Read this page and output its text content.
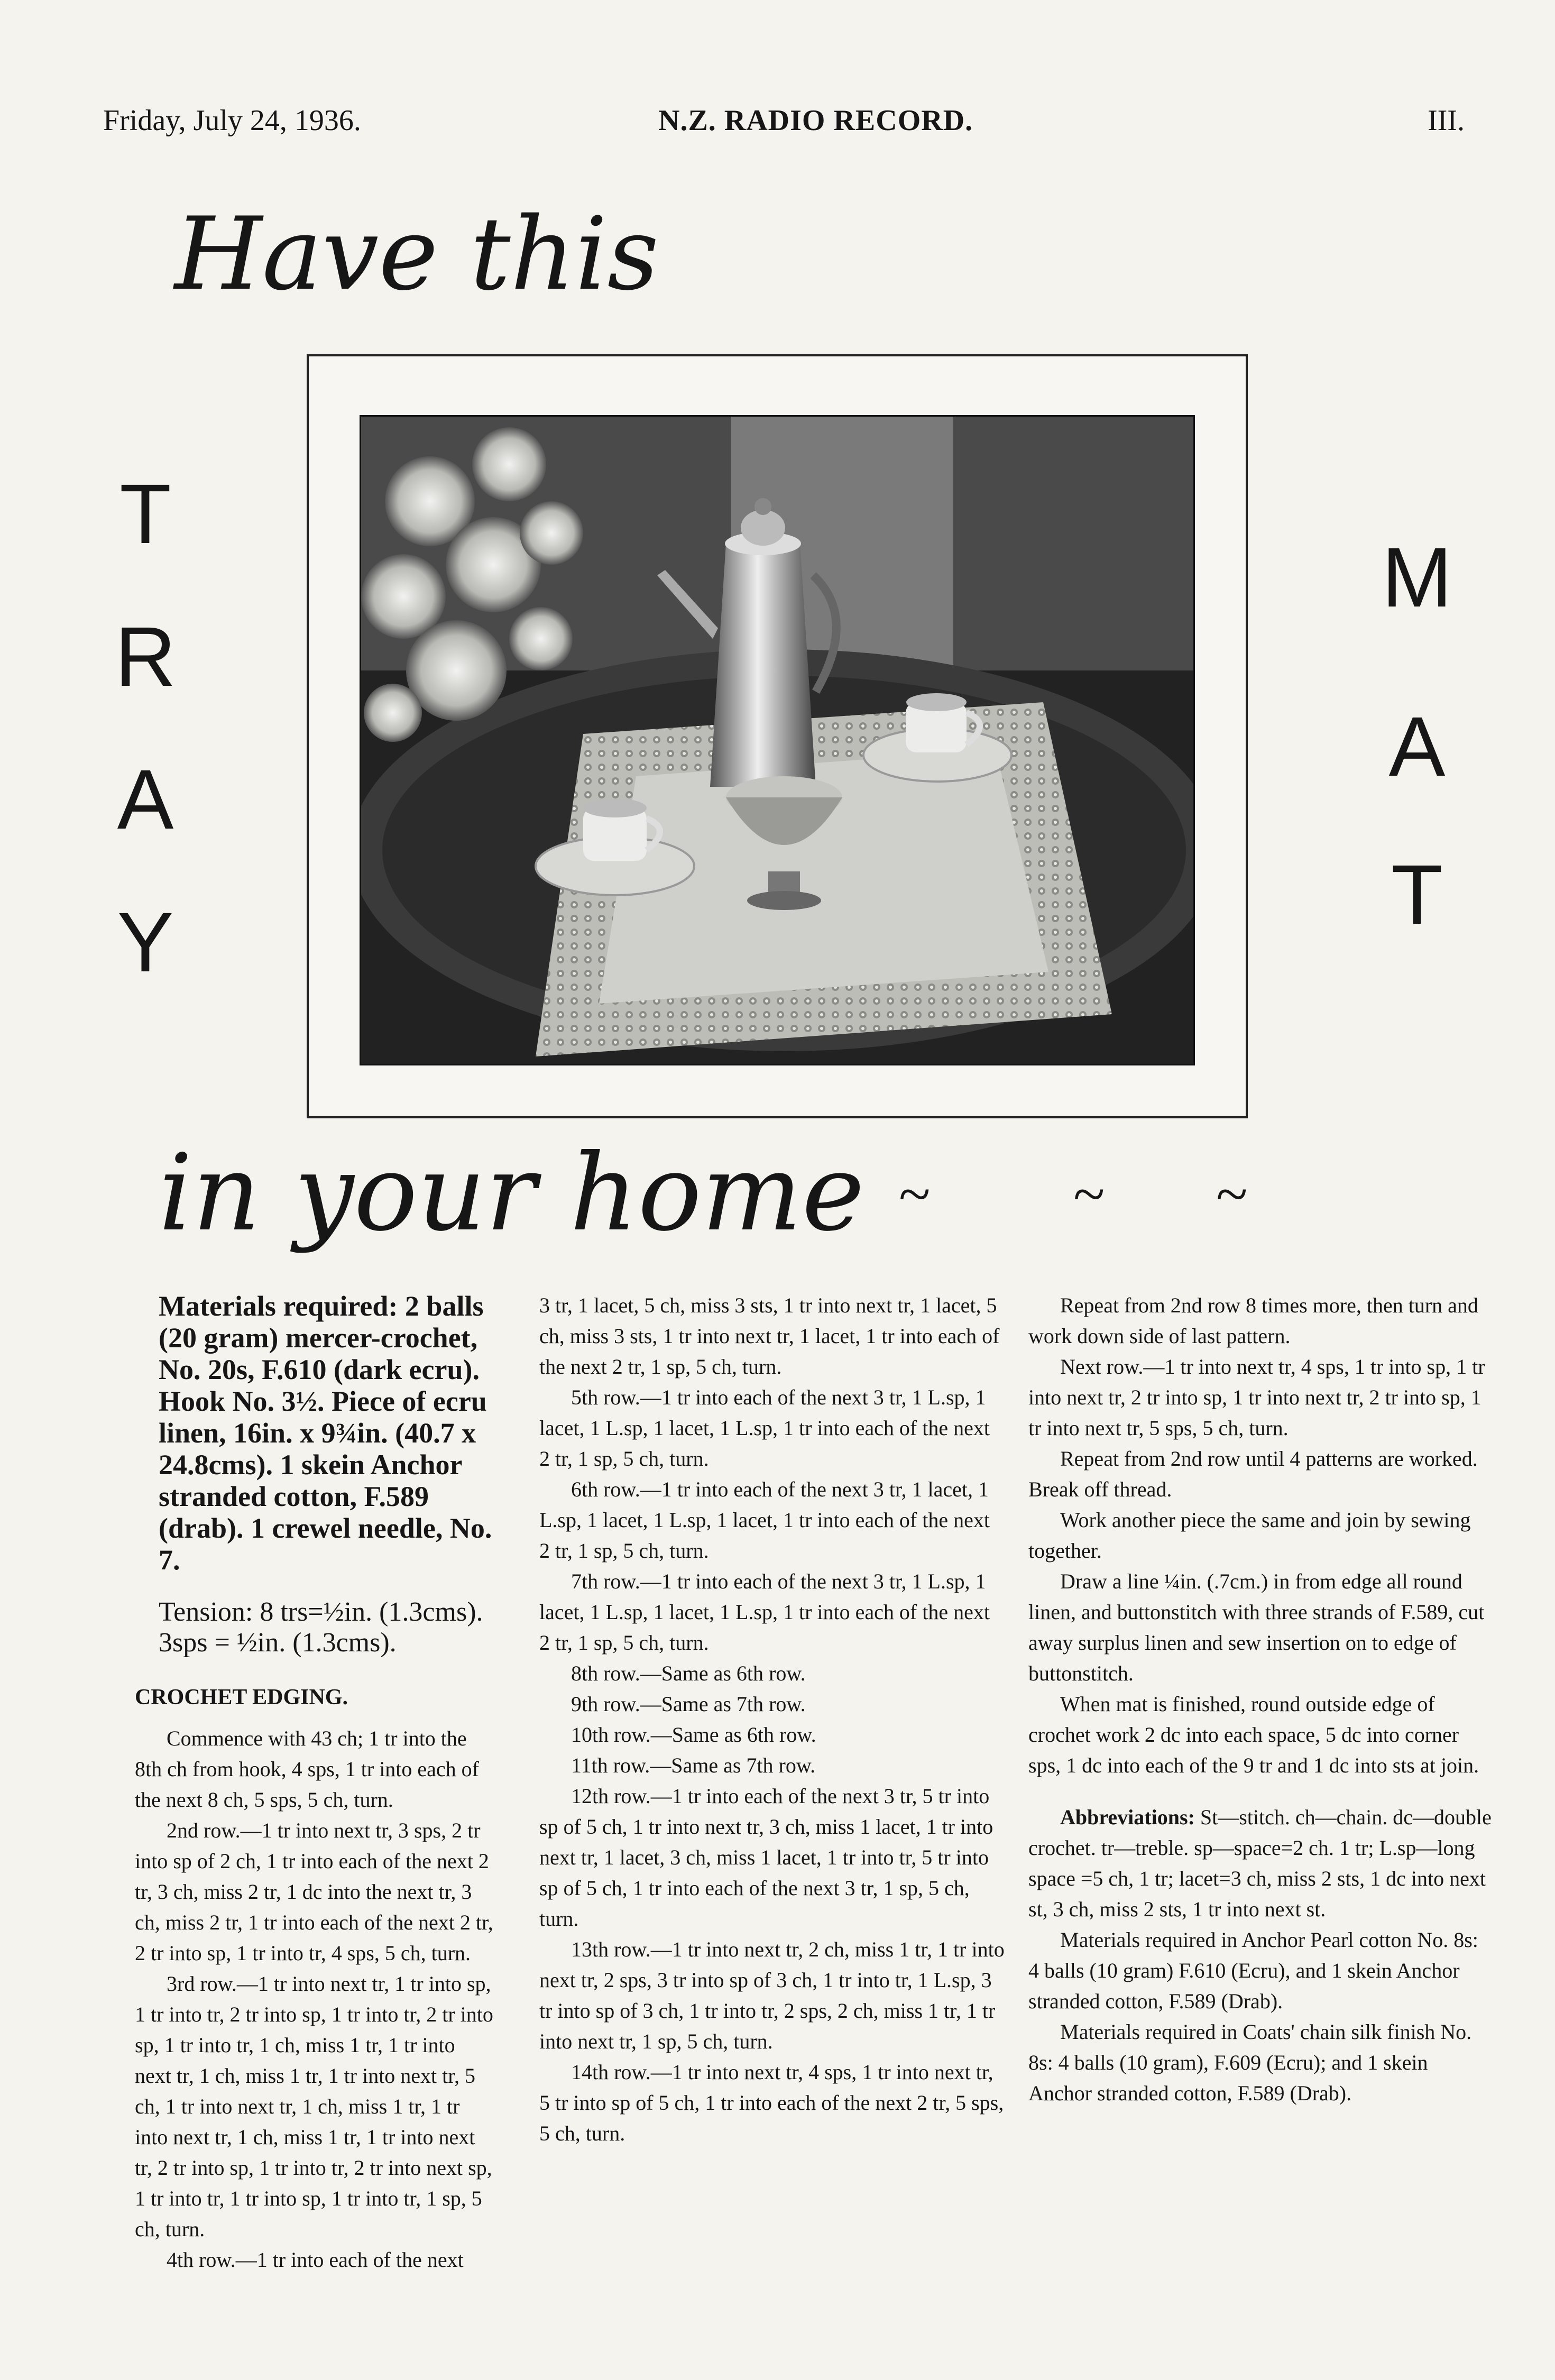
Friday, July 24, 1936.	N.Z. RADIO RECORD.	III.
Have this
T
R
A
Y
M
A
T
in your home ~ ~ ~

Materials required: 2 balls (20 gram) mercer-crochet, No. 20s, F.610 (dark ecru). Hook No. 3½. Piece of ecru linen, 16in. x 9¾in. (40.7 x 24.8cms). 1 skein Anchor stranded cotton, F.589 (drab). 1 crewel needle, No. 7.

Tension: 8 trs=½in. (1.3cms). 3sps = ½in. (1.3cms).

CROCHET EDGING.

Commence with 43 ch; 1 tr into the 8th ch from hook, 4 sps, 1 tr into each of the next 8 ch, 5 sps, 5 ch, turn.

2nd row.—1 tr into next tr, 3 sps, 2 tr into sp of 2 ch, 1 tr into each of the next 2 tr, 3 ch, miss 2 tr, 1 dc into the next tr, 3 ch, miss 2 tr, 1 tr into each of the next 2 tr, 2 tr into sp, 1 tr into tr, 4 sps, 5 ch, turn.

3rd row.—1 tr into next tr, 1 tr into sp, 1 tr into tr, 2 tr into sp, 1 tr into tr, 2 tr into sp, 1 tr into tr, 1 ch, miss 1 tr, 1 tr into next tr, 1 ch, miss 1 tr, 1 tr into next tr, 5 ch, 1 tr into next tr, 1 ch, miss 1 tr, 1 tr into next tr, 1 ch, miss 1 tr, 1 tr into next tr, 2 tr into sp, 1 tr into tr, 2 tr into next sp, 1 tr into tr, 1 tr into sp, 1 tr into tr, 1 sp, 5 ch, turn.

4th row.—1 tr into each of the next

3 tr, 1 lacet, 5 ch, miss 3 sts, 1 tr into next tr, 1 lacet, 5 ch, miss 3 sts, 1 tr into next tr, 1 lacet, 1 tr into each of the next 2 tr, 1 sp, 5 ch, turn.

5th row.—1 tr into each of the next 3 tr, 1 L.sp, 1 lacet, 1 L.sp, 1 lacet, 1 L.sp, 1 tr into each of the next 2 tr, 1 sp, 5 ch, turn.

6th row.—1 tr into each of the next 3 tr, 1 lacet, 1 L.sp, 1 lacet, 1 L.sp, 1 lacet, 1 tr into each of the next 2 tr, 1 sp, 5 ch, turn.

7th row.—1 tr into each of the next 3 tr, 1 L.sp, 1 lacet, 1 L.sp, 1 lacet, 1 L.sp, 1 tr into each of the next 2 tr, 1 sp, 5 ch, turn.

8th row.—Same as 6th row.

9th row.—Same as 7th row.

10th row.—Same as 6th row.

11th row.—Same as 7th row.

12th row.—1 tr into each of the next 3 tr, 5 tr into sp of 5 ch, 1 tr into next tr, 3 ch, miss 1 lacet, 1 tr into next tr, 1 lacet, 3 ch, miss 1 lacet, 1 tr into tr, 5 tr into sp of 5 ch, 1 tr into each of the next 3 tr, 1 sp, 5 ch, turn.

13th row.—1 tr into next tr, 2 ch, miss 1 tr, 1 tr into next tr, 2 sps, 3 tr into sp of 3 ch, 1 tr into tr, 1 L.sp, 3 tr into sp of 3 ch, 1 tr into tr, 2 sps, 2 ch, miss 1 tr, 1 tr into next tr, 1 sp, 5 ch, turn.

14th row.—1 tr into next tr, 4 sps, 1 tr into next tr, 5 tr into sp of 5 ch, 1 tr into each of the next 2 tr, 5 sps, 5 ch, turn.

Repeat from 2nd row 8 times more, then turn and work down side of last pattern.

Next row.—1 tr into next tr, 4 sps, 1 tr into sp, 1 tr into next tr, 2 tr into sp, 1 tr into next tr, 2 tr into sp, 1 tr into next tr, 5 sps, 5 ch, turn.

Repeat from 2nd row until 4 patterns are worked. Break off thread.

Work another piece the same and join by sewing together.

Draw a line ¼in. (.7cm.) in from edge all round linen, and buttonstitch with three strands of F.589, cut away surplus linen and sew insertion on to edge of buttonstitch.

When mat is finished, round outside edge of crochet work 2 dc into each space, 5 dc into corner sps, 1 dc into each of the 9 tr and 1 dc into sts at join.

Abbreviations: St—stitch. ch—chain. dc—double crochet. tr—treble. sp—space=2 ch. 1 tr; L.sp—long space =5 ch, 1 tr; lacet=3 ch, miss 2 sts, 1 dc into next st, 3 ch, miss 2 sts, 1 tr into next st.

Materials required in Anchor Pearl cotton No. 8s: 4 balls (10 gram) F.610 (Ecru), and 1 skein Anchor stranded cotton, F.589 (Drab).

Materials required in Coats' chain silk finish No. 8s: 4 balls (10 gram), F.609 (Ecru); and 1 skein Anchor stranded cotton, F.589 (Drab).
